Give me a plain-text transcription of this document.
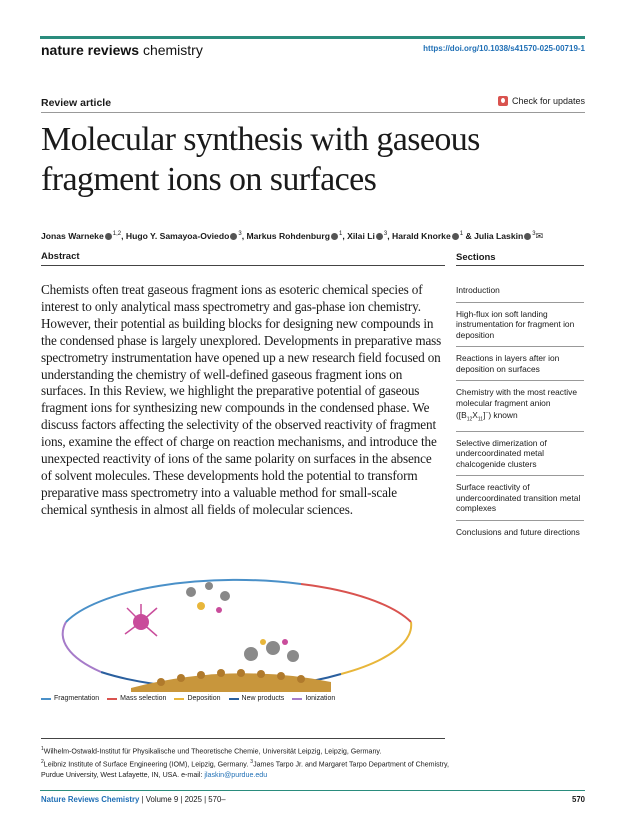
nature reviews chemistry	https://doi.org/10.1038/s41570-025-00719-1
Review article	Check for updates
Molecular synthesis with gaseous
fragment ions on surfaces
Jonas Warneke $^{1,2}$, Hugo Y. Samayoa-Oviedo $^3$, Markus Rohdenburg $^1$, Xilai Li $^3$, Harald Knorke $^1$ & Julia Laskin $^3$✉
Abstract	Sections
Chemists often treat gaseous fragment ions as esoteric chemical species of interest to only analytical mass spectrometry and gas-phase ion chemistry. However, their potential as building blocks for designing new compounds in the condensed phase is largely unexplored. Developments in preparative mass spectrometry instrumentation have opened up a new research field focused on understanding the chemistry of well-defined gaseous fragment ions on surfaces. In this Review, we highlight the preparative potential of gaseous fragment ions for synthesizing new compounds in the condensed phase. We discuss factors affecting the selectivity of the observed reactivity of fragment ions, examine the effect of charge on reaction mechanisms, and introduce the unexpected reactivity of ions of the same polarity on surfaces in the absence of solvent molecules. These developments hold the potential to transform preparative mass spectrometry into a valuable method for small-scale chemical synthesis in almost all fields of molecular sciences.
Introduction
High-flux ion soft landing instrumentation for fragment ion deposition
Reactions in layers after ion deposition on surfaces
Chemistry with the most reactive molecular fragment anion $([B_{12}X_{11}]^-)$ known
Selective dimerization of undercoordinated metal chalcogenide clusters
Surface reactivity of undercoordinated transition metal complexes
Conclusions and future directions
Fragmentation	Mass selection	Deposition	New products	Ionization
$^1$Wilhelm-Ostwald-Institut für Physikalische und Theoretische Chemie, Universität Leipzig, Leipzig, Germany.
$^2$Leibniz Institute of Surface Engineering (IOM), Leipzig, Germany. $^3$James Tarpo Jr. and Margaret Tarpo Department of Chemistry, Purdue University, West Lafayette, IN, USA. e-mail: jlaskin@purdue.edu
Nature Reviews Chemistry | Volume 9 | 2025 | 570–	570
